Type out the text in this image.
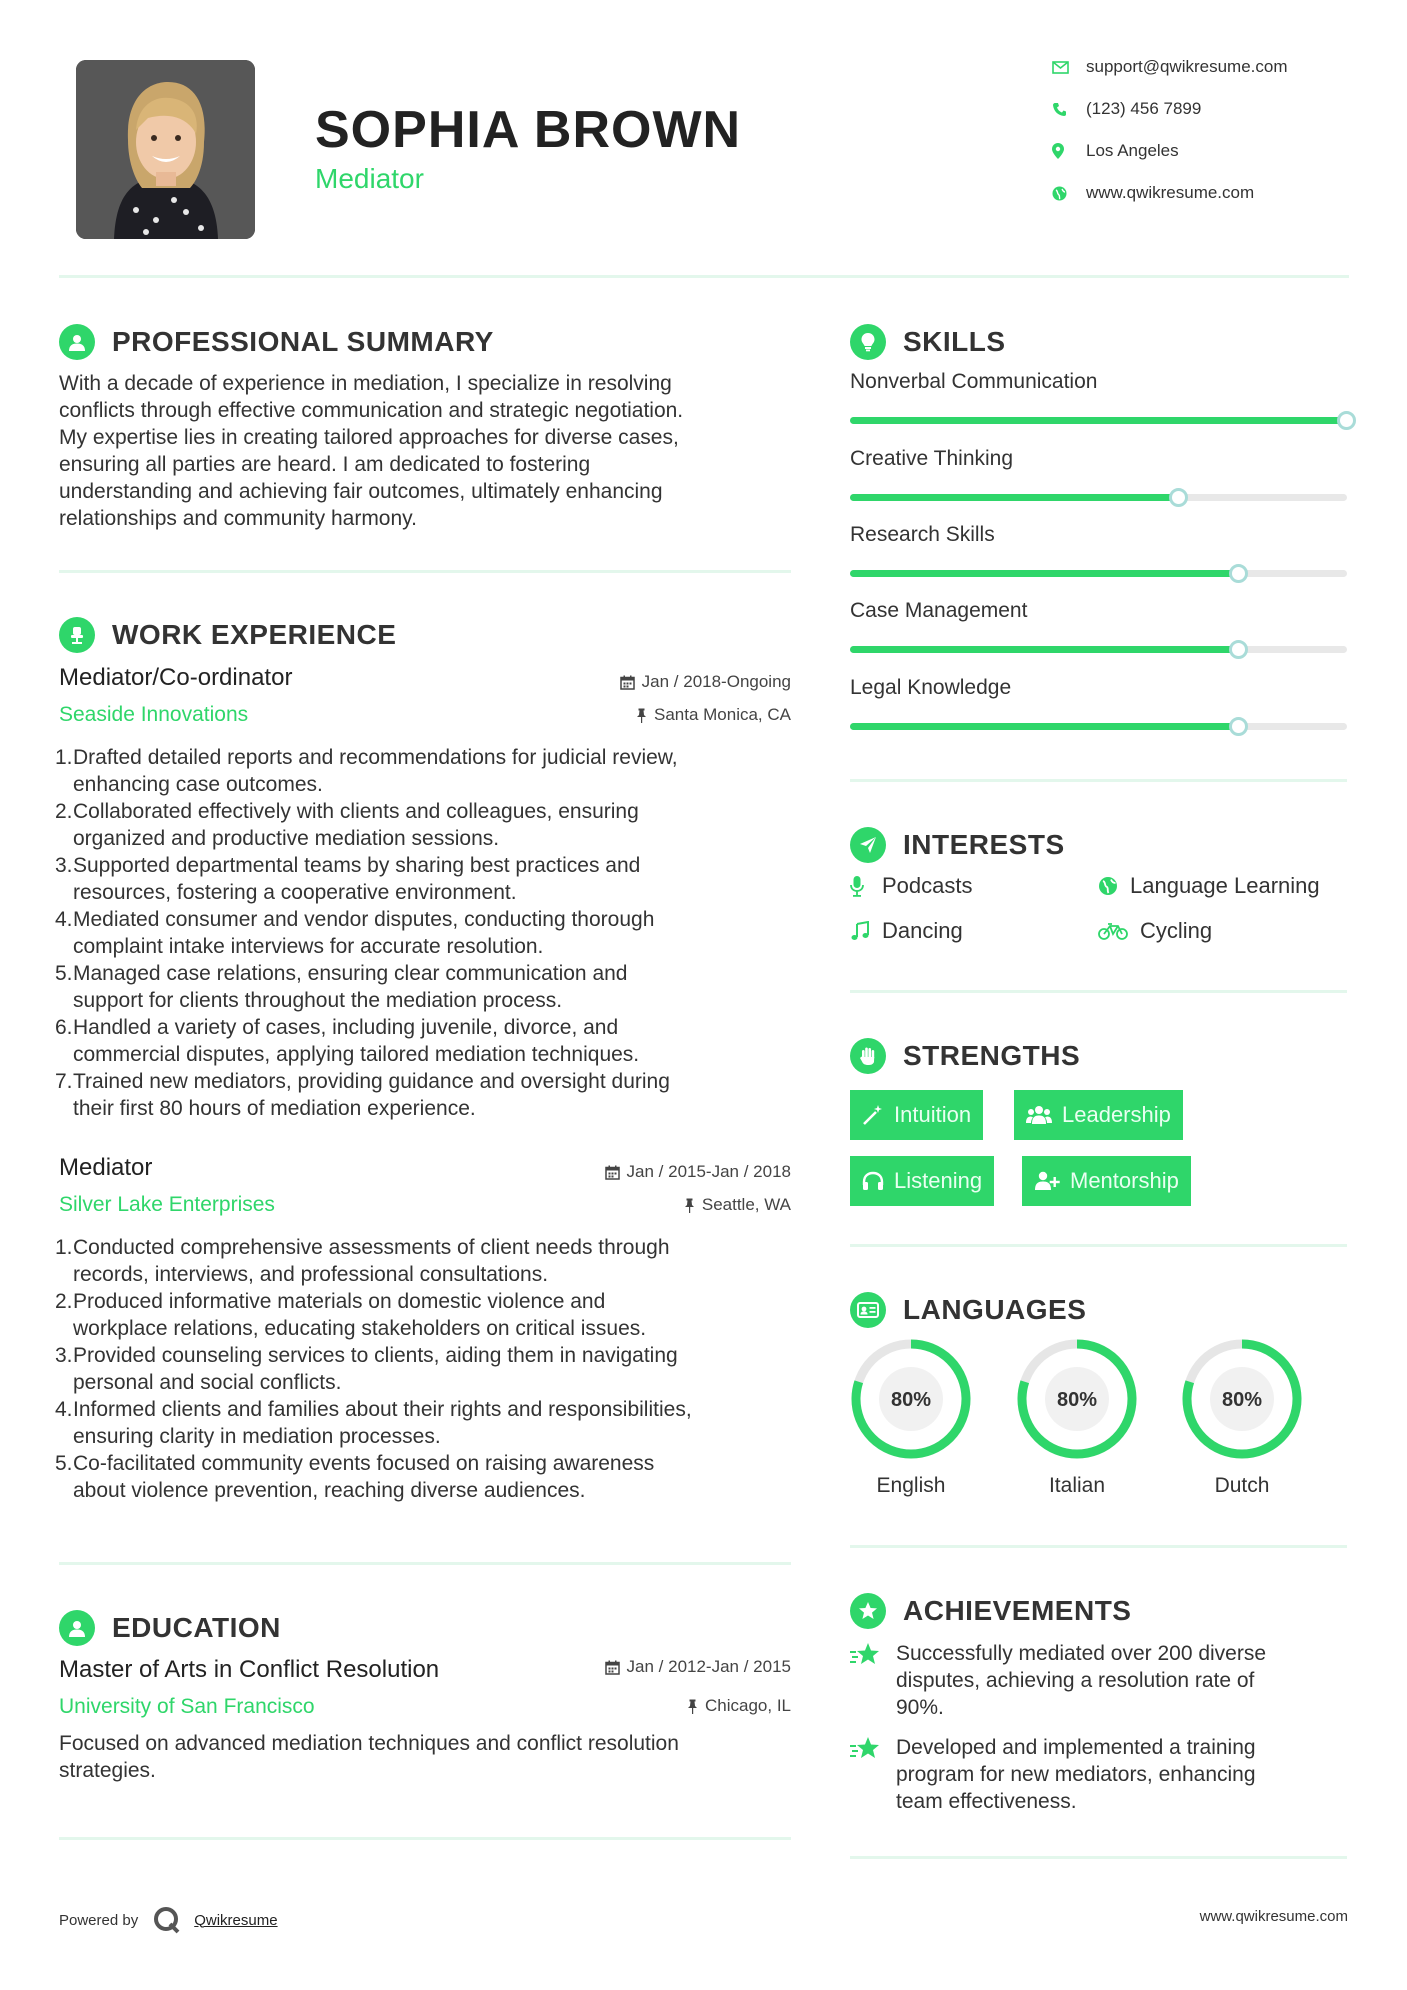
SOPHIA BROWN
Mediator
support@qwikresume.com
(123) 456 7899
Los Angeles
www.qwikresume.com
PROFESSIONAL SUMMARY
With a decade of experience in mediation, I specialize in resolving
conflicts through effective communication and strategic negotiation.
My expertise lies in creating tailored approaches for diverse cases,
ensuring all parties are heard. I am dedicated to fostering
understanding and achieving fair outcomes, ultimately enhancing
relationships and community harmony.
WORK EXPERIENCE
Mediator/Co-ordinator
Seaside Innovations
Jan / 2018-Ongoing
Santa Monica, CA
1. Drafted detailed reports and recommendations for judicial review,
enhancing case outcomes.
2. Collaborated effectively with clients and colleagues, ensuring
organized and productive mediation sessions.
3. Supported departmental teams by sharing best practices and
resources, fostering a cooperative environment.
4. Mediated consumer and vendor disputes, conducting thorough
complaint intake interviews for accurate resolution.
5. Managed case relations, ensuring clear communication and
support for clients throughout the mediation process.
6. Handled a variety of cases, including juvenile, divorce, and
commercial disputes, applying tailored mediation techniques.
7. Trained new mediators, providing guidance and oversight during
their first 80 hours of mediation experience.
Mediator
Silver Lake Enterprises
Jan / 2015-Jan / 2018
Seattle, WA
1. Conducted comprehensive assessments of client needs through
records, interviews, and professional consultations.
2. Produced informative materials on domestic violence and
workplace relations, educating stakeholders on critical issues.
3. Provided counseling services to clients, aiding them in navigating
personal and social conflicts.
4. Informed clients and families about their rights and responsibilities,
ensuring clarity in mediation processes.
5. Co-facilitated community events focused on raising awareness
about violence prevention, reaching diverse audiences.
EDUCATION
Master of Arts in Conflict Resolution
University of San Francisco
Jan / 2012-Jan / 2015
Chicago, IL
Focused on advanced mediation techniques and conflict resolution
strategies.
SKILLS
Nonverbal Communication
Creative Thinking
Research Skills
Case Management
Legal Knowledge
INTERESTS
Podcasts	Language Learning
Dancing	Cycling
STRENGTHS
Intuition	Leadership
Listening	Mentorship
LANGUAGES
80%
English
80%
Italian
80%
Dutch
ACHIEVEMENTS
Successfully mediated over 200 diverse
disputes, achieving a resolution rate of
90%.
Developed and implemented a training
program for new mediators, enhancing
team effectiveness.
Powered by	Qwikresume	www.qwikresume.com
